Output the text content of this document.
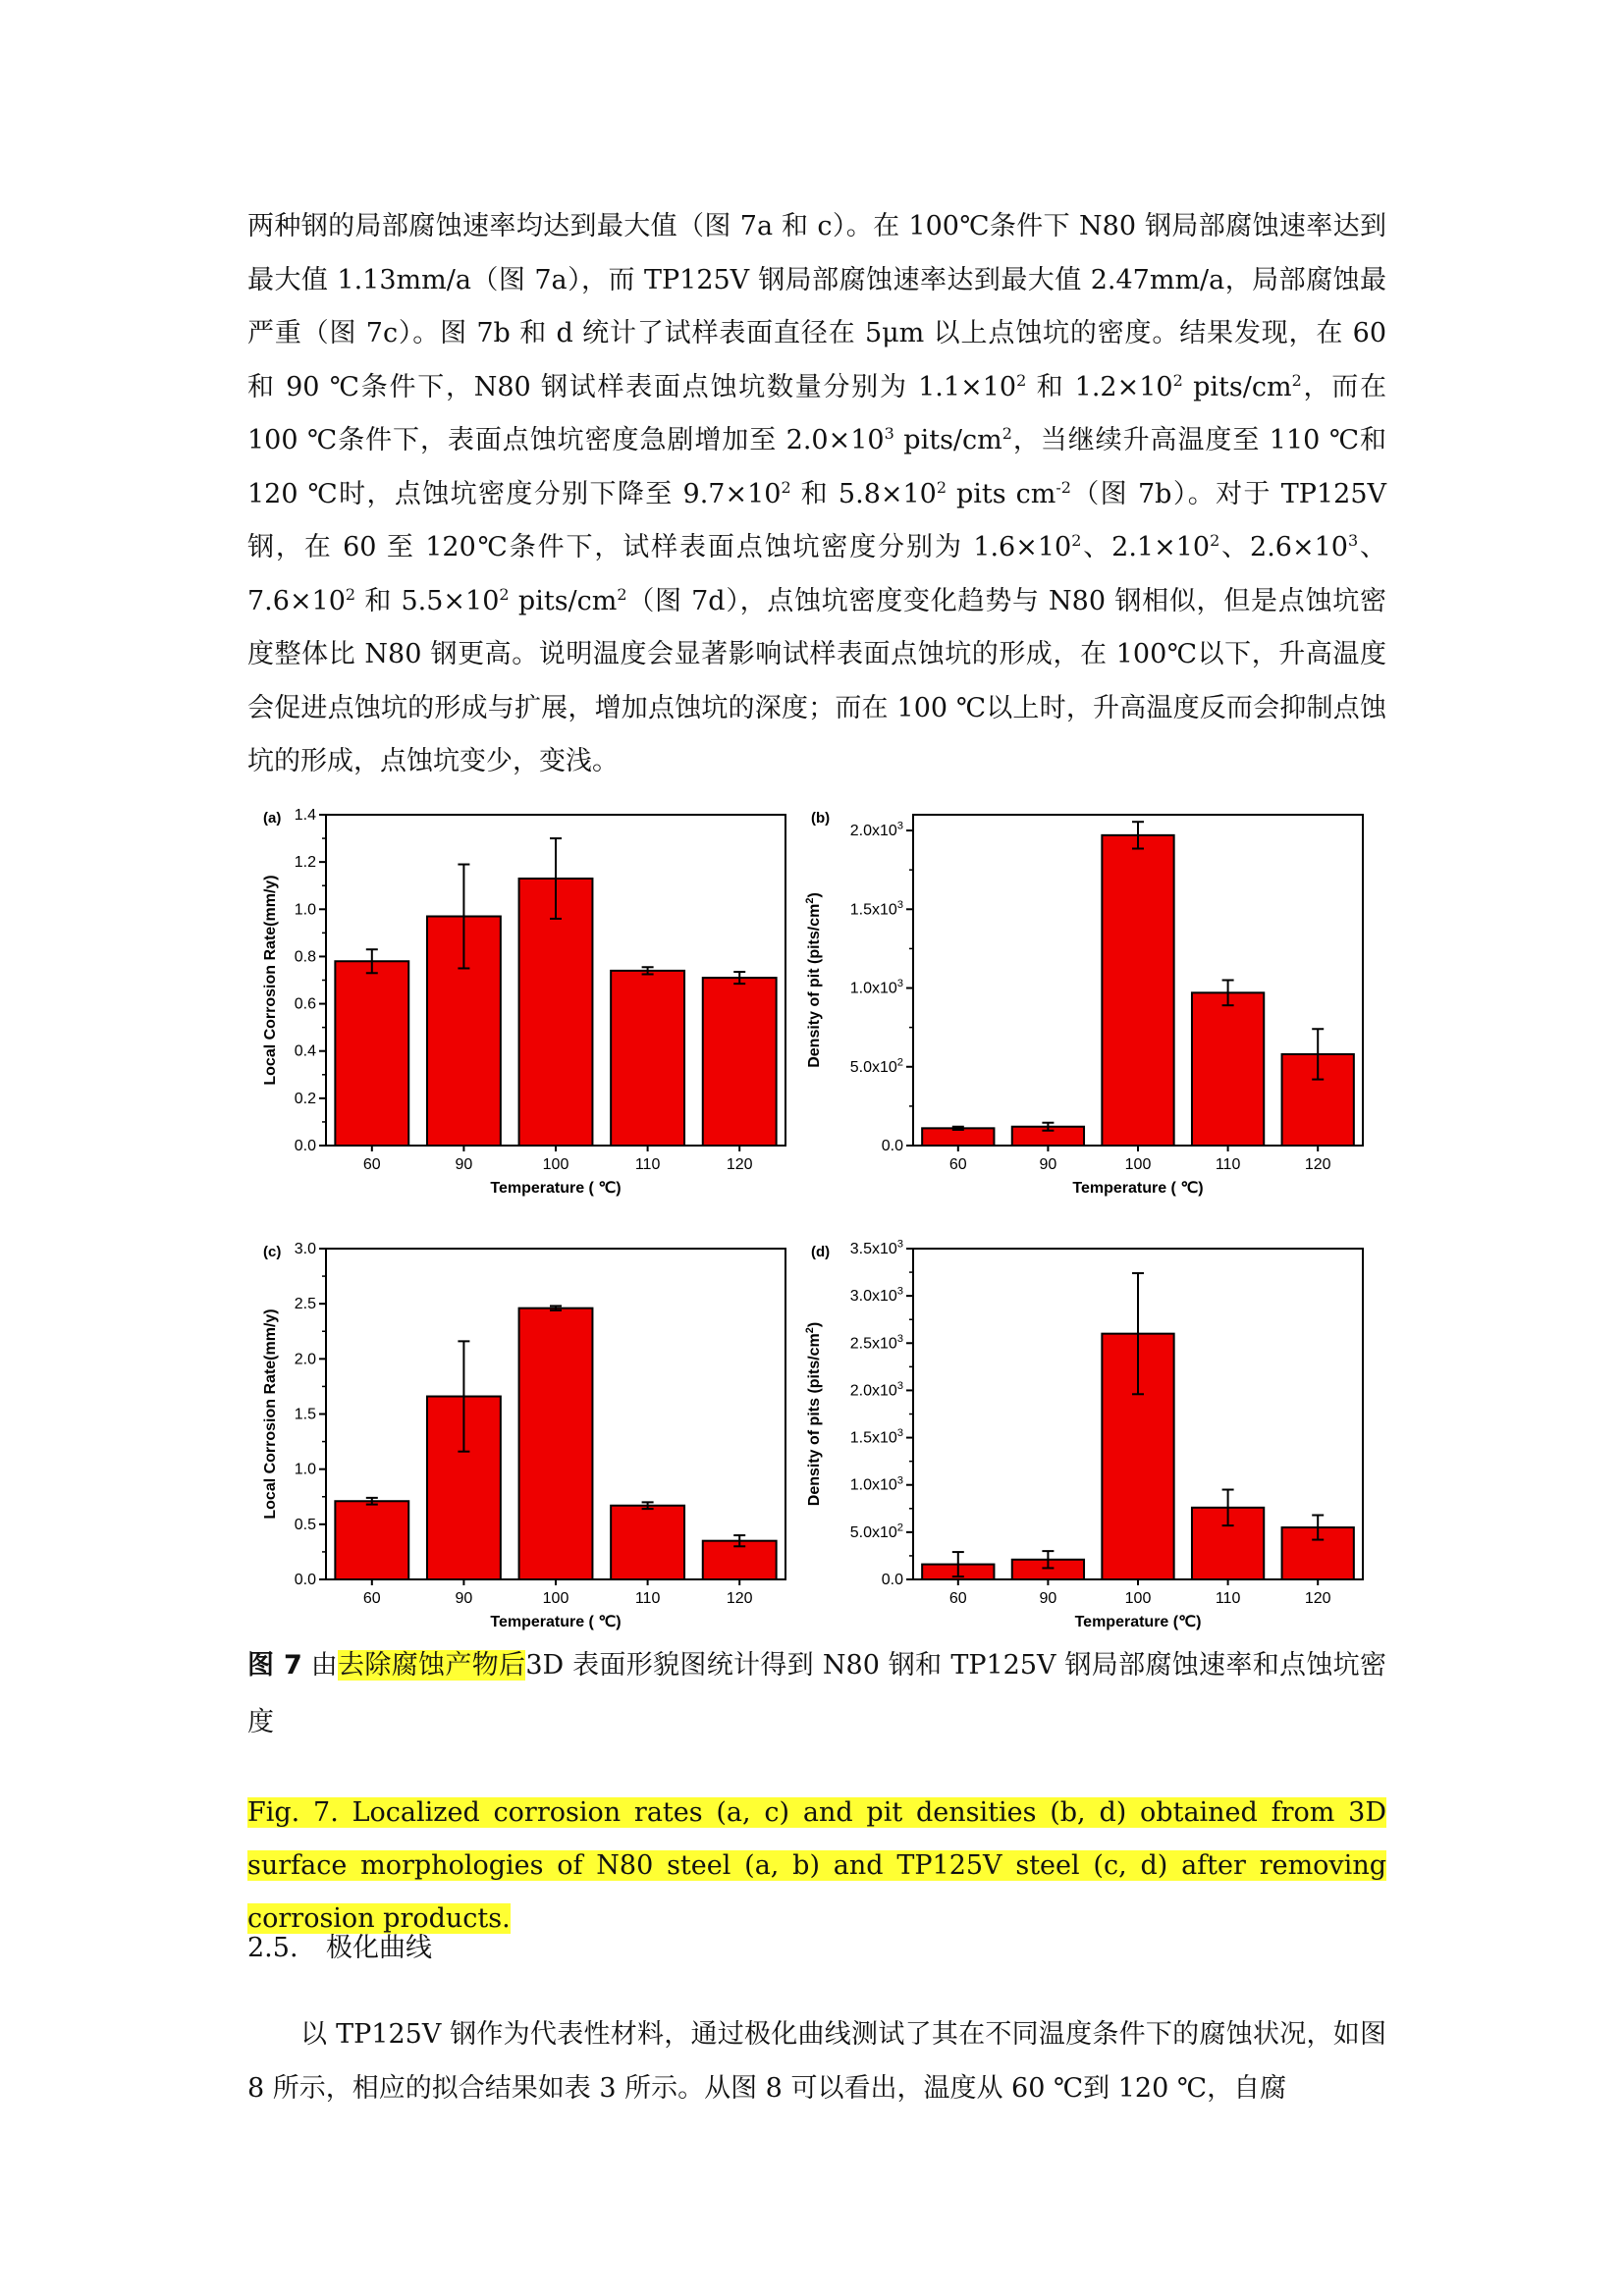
两种钢的局部腐蚀速率均达到最大值（图 7a 和 c）。在 100℃条件下 N80 钢局部腐蚀速率达到最大值 1.13mm/a（图 7a），而 TP125V 钢局部腐蚀速率达到最大值 2.47mm/a，局部腐蚀最严重（图 7c）。图 7b 和 d 统计了试样表面直径在 5μm 以上点蚀坑的密度。结果发现，在 60 和 90 ℃条件下，N80 钢试样表面点蚀坑数量分别为 $1.1\times 10^2$ 和 $1.2\times 10^2$ pits/$cm^2$，而在 100 ℃条件下，表面点蚀坑密度急剧增加至 $2.0\times 10^3$ pits/$cm^2$，当继续升高温度至 110 ℃和 120 ℃时，点蚀坑密度分别下降至 $9.7\times 10^2$ 和 $5.8\times 10^2$ pits $cm^{-2}$（图 7b）。对于 TP125V 钢，在 60 至 120℃条件下，试样表面点蚀坑密度分别为 $1.6\times 10^2$、$2.1\times 10^2$、$2.6\times 10^3$、$7.6\times 10^2$ 和 $5.5\times 10^2$ pits/$cm^2$（图 7d），点蚀坑密度变化趋势与 N80 钢相似，但是点蚀坑密度整体比 N80 钢更高。说明温度会显著影响试样表面点蚀坑的形成，在 100℃以下，升高温度会促进点蚀坑的形成与扩展，增加点蚀坑的深度；而在 100 ℃以上时，升高温度反而会抑制点蚀坑的形成，点蚀坑变少，变浅。

(a)
0.0
0.2
0.4
0.6
0.8
1.0
1.2
1.4
60	90	100	110	120
Temperature ( ℃)
Local Corrosion Rate(mm/y)
(b)
0.0
$5.0x10^2$
$1.0x10^3$
$1.5x10^3$
$2.0x10^3$
60	90	100	110	120
Temperature ( ℃)
Density of pit $(pits/cm^2)$
(c)
0.0
0.5
1.0
1.5
2.0
2.5
3.0
60	90	100	110	120
Temperature ( ℃)
Local Corrosion Rate(mm/y)
(d)
0.0
$5.0x10^2$
$1.0x10^3$
$1.5x10^3$
$2.0x10^3$
$2.5x10^3$
$3.0x10^3$
$3.5x10^3$
60	90	100	110	120
Temperature (℃)
Density of pits $(pits/cm^2)$

图 7 由去除腐蚀产物后3D 表面形貌图统计得到 N80 钢和 TP125V 钢局部腐蚀速率和点蚀坑密度

Fig. 7. Localized corrosion rates (a, c) and pit densities (b, d) obtained from 3D surface morphologies of N80 steel (a, b) and TP125V steel (c, d) after removing corrosion products.

2.5. 极化曲线

以 TP125V 钢作为代表性材料，通过极化曲线测试了其在不同温度条件下的腐蚀状况，如图 8 所示，相应的拟合结果如表 3 所示。从图 8 可以看出，温度从 60 ℃到 120 ℃，自腐
